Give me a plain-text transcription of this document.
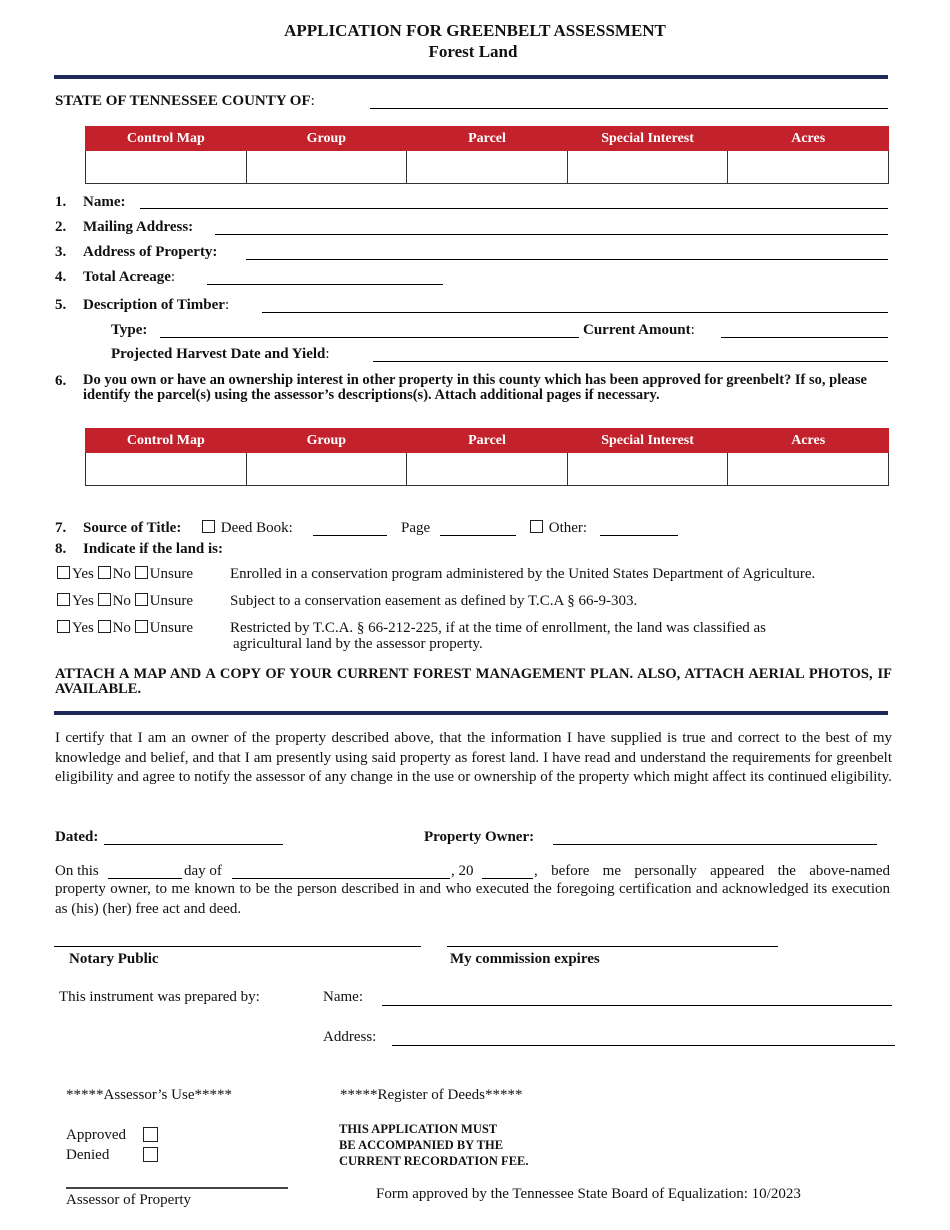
APPLICATION FOR GREENBELT ASSESSMENT
Forest Land
STATE OF TENNESSEE COUNTY OF:
Control Map	Group	Parcel	Special Interest	Acres

1. Name:
2. Mailing Address:
3. Address of Property:
4. Total Acreage:
5. Description of Timber:
Type:	Current Amount:
Projected Harvest Date and Yield:
6. Do you own or have an ownership interest in other property in this county which has been approved for greenbelt? If so, please identify the parcel(s) using the assessor’s descriptions(s). Attach additional pages if necessary.
Control Map	Group	Parcel	Special Interest	Acres

7. Source of Title:	Deed Book:	Page	Other:
8. Indicate if the land is:
Yes No Unsure Enrolled in a conservation program administered by the United States Department of Agriculture.
Yes No Unsure Subject to a conservation easement as defined by T.C.A § 66-9-303.
Yes No Unsure Restricted by T.C.A. § 66-212-225, if at the time of enrollment, the land was classified as
agricultural land by the assessor property.
ATTACH A MAP AND A COPY OF YOUR CURRENT FOREST MANAGEMENT PLAN. ALSO, ATTACH AERIAL PHOTOS, IF AVAILABLE.
I certify that I am an owner of the property described above, that the information I have supplied is true and correct to the best of my knowledge and belief, and that I am presently using said property as forest land. I have read and understand the requirements for greenbelt eligibility and agree to notify the assessor of any change in the use or ownership of the property which might affect its continued eligibility.
Dated:	Property Owner:
On this	day of	, 20	, before me personally appeared the above-named
property owner, to me known to be the person described in and who executed the foregoing certification and acknowledged its execution as (his) (her) free act and deed.
Notary Public	My commission expires
This instrument was prepared by:	Name:
Address:
*****Assessor’s Use*****	*****Register of Deeds*****
Approved
Denied
THIS APPLICATION MUST
BE ACCOMPANIED BY THE
CURRENT RECORDATION FEE.
Assessor of Property	Form approved by the Tennessee State Board of Equalization: 10/2023
